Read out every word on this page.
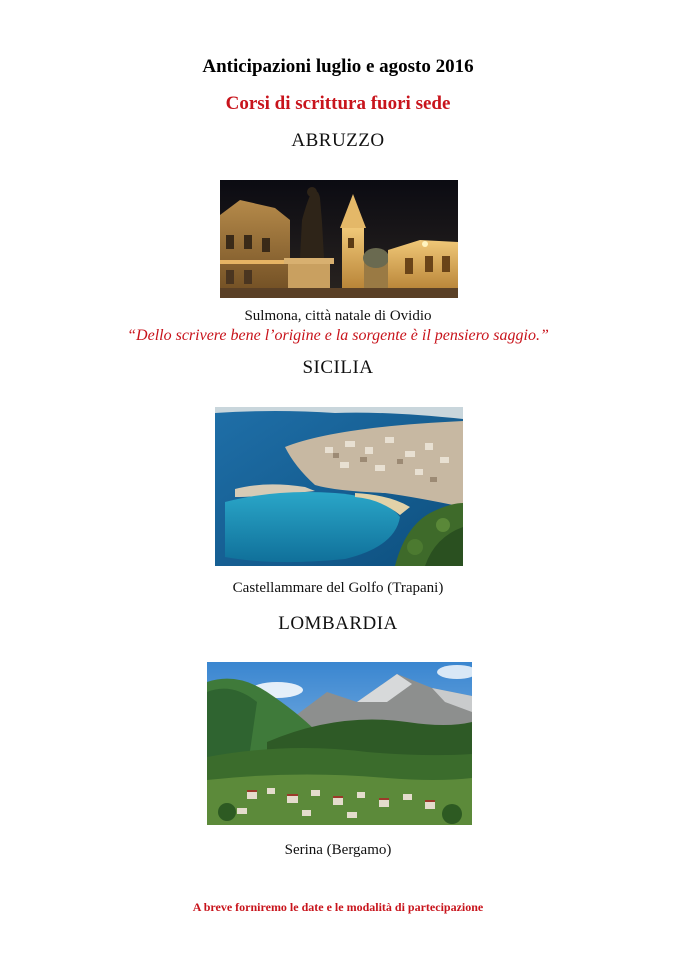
Anticipazioni luglio e agosto 2016
Corsi di scrittura fuori sede
ABRUZZO
Sulmona, città natale di Ovidio
“Dello scrivere bene l’origine e la sorgente è il pensiero saggio.”
SICILIA
Castellammare del Golfo (Trapani)
LOMBARDIA
Serina (Bergamo)
A breve forniremo le date e le modalità di partecipazione
